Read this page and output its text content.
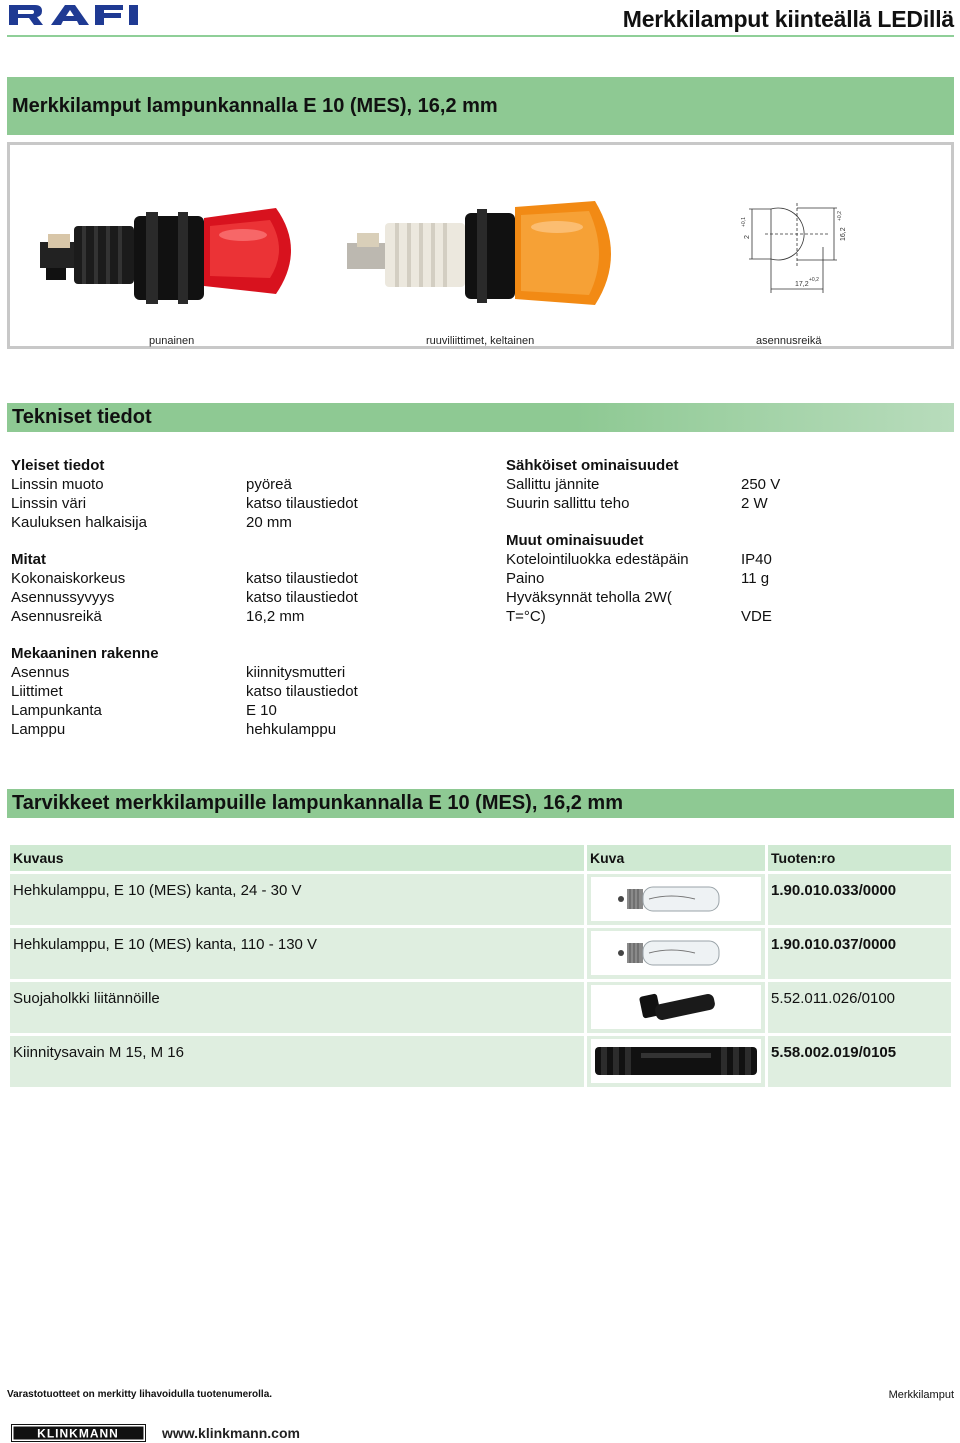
Merkkilamput kiinteällä LEDillä
Merkkilamput lampunkannalla E 10 (MES), 16,2 mm
17,2
+0,2
16,2
+0,2
2
+0,1
punainen	ruuviliittimet, keltainen	asennusreikä
Tekniset tiedot
Yleiset tiedot
Linssin muoto	pyöreä
Linssin väri	katso tilaustiedot
Kauluksen halkaisija	20 mm
Mitat
Kokonaiskorkeus	katso tilaustiedot
Asennussyvyys	katso tilaustiedot
Asennusreikä	16,2 mm
Mekaaninen rakenne
Asennus	kiinnitysmutteri
Liittimet	katso tilaustiedot
Lampunkanta	E 10
Lamppu	hehkulamppu
Sähköiset ominaisuudet
Sallittu jännite	250 V
Suurin sallittu teho	2 W
Muut ominaisuudet
Kotelointiluokka edestäpäin	IP40
Paino	11 g
Hyväksynnät teholla 2W(
T=°C)	VDE
Tarvikkeet merkkilampuille lampunkannalla E 10 (MES), 16,2 mm
Kuvaus	Kuva	Tuoten:ro
Hehkulamppu, E 10 (MES) kanta, 24 - 30 V		1.90.010.033/0000
Hehkulamppu, E 10 (MES) kanta, 110 - 130 V		1.90.010.037/0000
Suojaholkki liitännöille		5.52.011.026/0100
Kiinnitysavain M 15, M 16		5.58.002.019/0105
Varastotuotteet on merkitty lihavoidulla tuotenumerolla.	Merkkilamput
KLINKMANN	www.klinkmann.com
